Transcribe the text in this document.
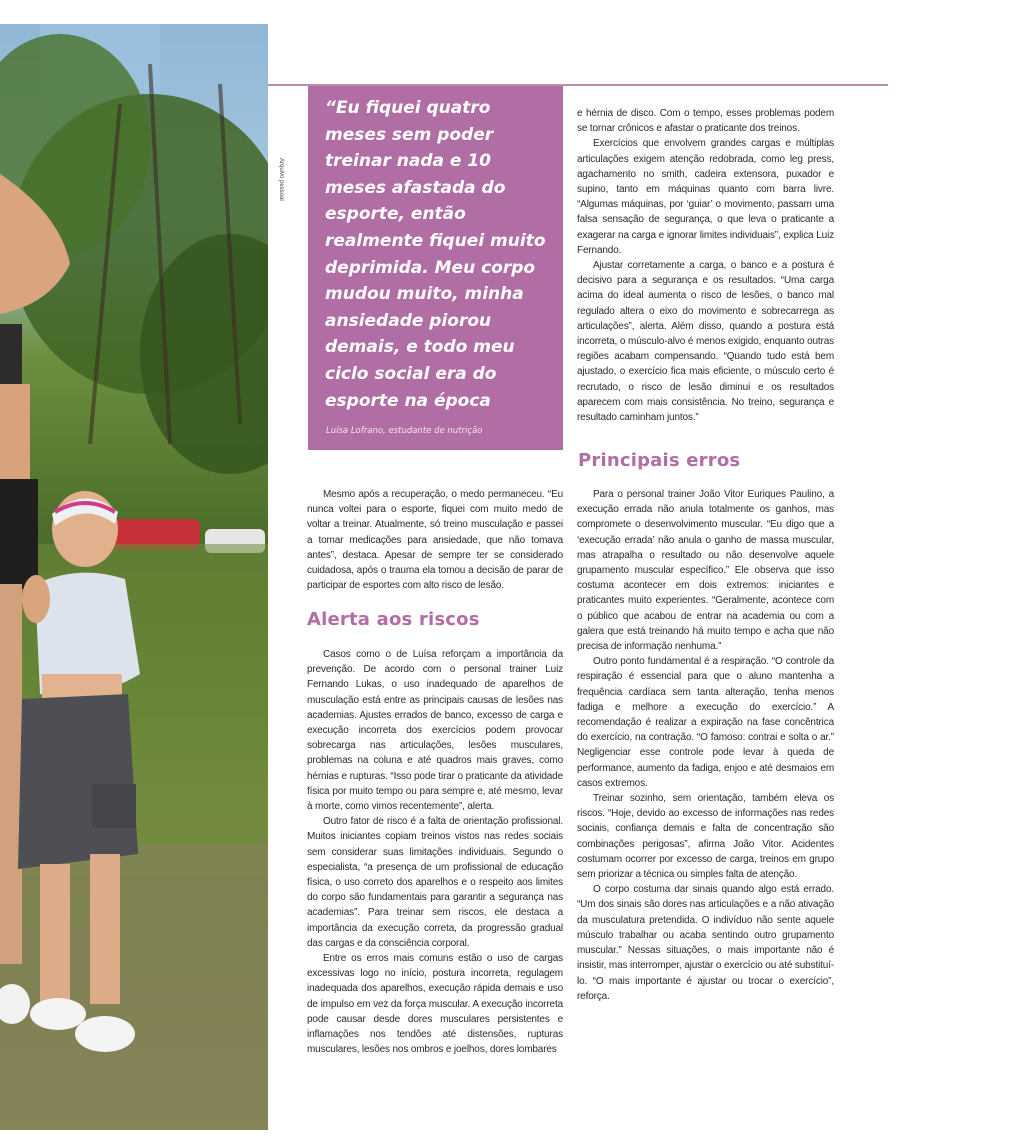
Arquivo pessoal
“Eu fiquei quatro meses sem poder treinar nada e 10 meses afastada do esporte, então realmente fiquei muito deprimida. Meu corpo mudou muito, minha ansiedade piorou demais, e todo meu ciclo social era do esporte na época
Luísa Lofrano, estudante de nutrição

Mesmo após a recuperação, o medo permaneceu. “Eu nunca voltei para o esporte, fiquei com muito medo de voltar a treinar. Atualmente, só treino musculação e passei a tomar medicações para ansiedade, que não tomava antes”, destaca. Apesar de sempre ter se considerado cuidadosa, após o trauma ela tomou a decisão de parar de participar de esportes com alto risco de lesão.

Alerta aos riscos

Casos como o de Luísa reforçam a importância da prevenção. De acordo com o personal trainer Luiz Fernando Lukas, o uso inadequado de aparelhos de musculação está entre as principais causas de lesões nas academias. Ajustes errados de banco, excesso de carga e execução incorreta dos exercícios podem provocar sobrecarga nas articulações, lesões musculares, problemas na coluna e até quadros mais graves, como hérnias e rupturas. “Isso pode tirar o praticante da atividade física por muito tempo ou para sempre e, até mesmo, levar à morte, como vimos recentemente”, alerta.

Outro fator de risco é a falta de orientação profissional. Muitos iniciantes copiam treinos vistos nas redes sociais sem considerar suas limitações individuais. Segundo o especialista, “a presença de um profissional de educação física, o uso correto dos aparelhos e o respeito aos limites do corpo são fundamentais para garantir a segurança nas academias”. Para treinar sem riscos, ele destaca a importância da execução correta, da progressão gradual das cargas e da consciência corporal.

Entre os erros mais comuns estão o uso de cargas excessivas logo no início, postura incorreta, regulagem inadequada dos aparelhos, execução rápida demais e uso de impulso em vez da força muscular. A execução incorreta pode causar desde dores musculares persistentes e inflamações nos tendões até distensões, rupturas musculares, lesões nos ombros e joelhos, dores lombares

e hérnia de disco. Com o tempo, esses problemas podem se tornar crônicos e afastar o praticante dos treinos.

Exercícios que envolvem grandes cargas e múltiplas articulações exigem atenção redobrada, como leg press, agachamento no smith, cadeira extensora, puxador e supino, tanto em máquinas quanto com barra livre. “Algumas máquinas, por ‘guiar’ o movimento, passam uma falsa sensação de segurança, o que leva o praticante a exagerar na carga e ignorar limites individuais”, explica Luiz Fernando.

Ajustar corretamente a carga, o banco e a postura é decisivo para a segurança e os resultados. “Uma carga acima do ideal aumenta o risco de lesões, o banco mal regulado altera o eixo do movimento e sobrecarrega as articulações”, alerta. Além disso, quando a postura está incorreta, o músculo-alvo é menos exigido, enquanto outras regiões acabam compensando. “Quando tudo está bem ajustado, o exercício fica mais eficiente, o músculo certo é recrutado, o risco de lesão diminui e os resultados aparecem com mais consistência. No treino, segurança e resultado caminham juntos.”

Principais erros

Para o personal trainer João Vitor Euriques Paulino, a execução errada não anula totalmente os ganhos, mas compromete o desenvolvimento muscular. “Eu digo que a ‘execução errada’ não anula o ganho de massa muscular, mas atrapalha o resultado ou não desenvolve aquele grupamento muscular específico.” Ele observa que isso costuma acontecer em dois extremos: iniciantes e praticantes muito experientes. “Geralmente, acontece com o público que acabou de entrar na academia ou com a galera que está treinando há muito tempo e acha que não precisa de informação nenhuma.”

Outro ponto fundamental é a respiração. “O controle da respiração é essencial para que o aluno mantenha a frequência cardíaca sem tanta alteração, tenha menos fadiga e melhore a execução do exercício.” A recomendação é realizar a expiração na fase concêntrica do exercício, na contração. “O famoso: contrai e solta o ar.” Negligenciar esse controle pode levar à queda de performance, aumento da fadiga, enjoo e até desmaios em casos extremos.

Treinar sozinho, sem orientação, também eleva os riscos. “Hoje, devido ao excesso de informações nas redes sociais, confiança demais e falta de concentração são combinações perigosas”, afirma João Vitor. Acidentes costumam ocorrer por excesso de carga, treinos em grupo sem priorizar a técnica ou simples falta de atenção.

O corpo costuma dar sinais quando algo está errado. “Um dos sinais são dores nas articulações e a não ativação da musculatura pretendida. O indivíduo não sente aquele músculo trabalhar ou acaba sentindo outro grupamento muscular.” Nessas situações, o mais importante não é insistir, mas interromper, ajustar o exercício ou até substituí-lo. “O mais importante é ajustar ou trocar o exercício”, reforça.
